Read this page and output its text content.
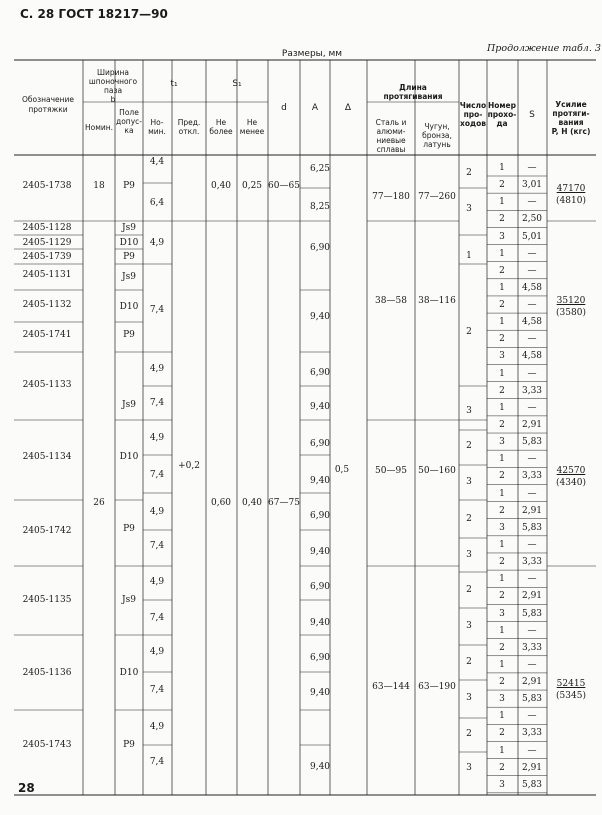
С. 28 ГОСТ 18217—90
Продолжение табл. 3
Размеры, мм
28
Обозначение
протяжки
Ширина
шпоночного
паза
b
Номин.
Поле
допус-
ка
t₁
Но-
мин.
Пред.
откл.
S₁
Не
более
Не
менее
d	A	Δ
Длина
протягивания
Сталь и
алюми-
ниевые
сплавы
Чугун,
бронза,
латунь
Число
про-
ходов
Номер
прохо-
да
S
Усилие
протяги-
вания
P, Н (кгс)
2405-1738
2405-1128
2405-1129
2405-1739
2405-1131
2405-1132
2405-1741
2405-1133
2405-1134
2405-1742
2405-1135
2405-1136
2405-1743
18
26
P9
Js9
D10
P9
Js9
D10
P9
Js9
D10
P9
Js9
D10
P9
4,4
6,4
4,9
7,4
4,9
7,4
4,9
7,4
4,9
7,4
4,9
7,4
4,9
7,4
4,9
7,4
+0,2
0,40
0,60
0,25
0,40
60—65
67—75
6,25
8,25
6,90
9,40
6,90
9,40
6,90
9,40
6,90
9,40
6,90
9,40
6,90
9,40
9,40
0,5
77—180
38—58
50—95
63—144
77—260
38—116
50—160
63—190
2
3
1
2
3
2
3
2
3
2
3
2
3
2
3
1
2
1
2
3
1
2
1
2
1
2
3
1
2
1
2
3
1
2
1
2
3
1
2
1
2
3
1
2
1
2
3
1
2
1
2
3
—
3,01
—
2,50
5,01
—
—
4,58
—
4,58
—
4,58
—
3,33
—
2,91
5,83
—
3,33
—
2,91
5,83
—
3,33
—
2,91
5,83
—
3,33
—
2,91
5,83
—
3,33
—
2,91
5,83
47170
(4810)
35120
(3580)
42570
(4340)
52415
(5345)
